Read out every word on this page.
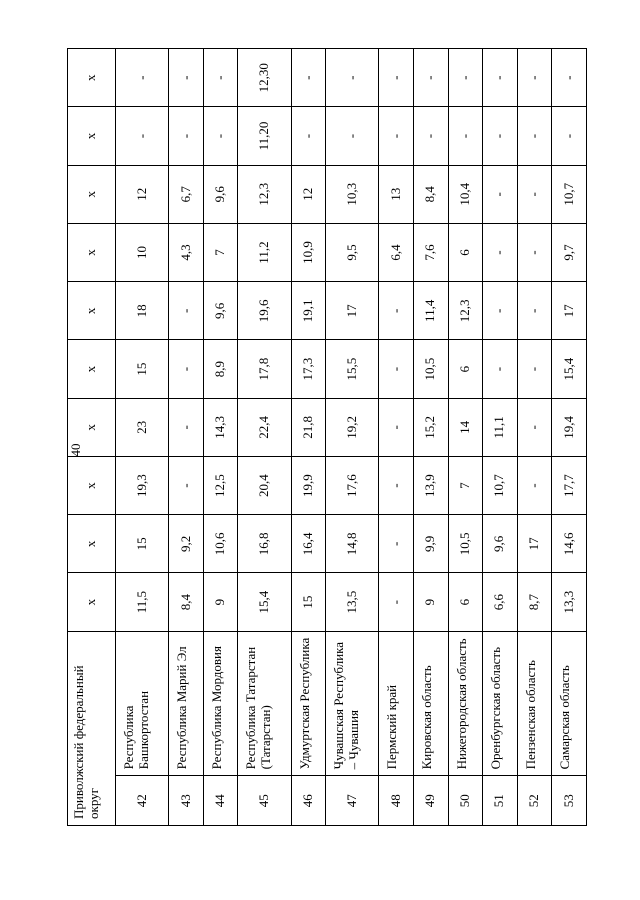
40
Приволжский федеральный округ		x	x	x	x	x	x	x	x	x	x
42	Республика Башкортостан	11,5	15	19,3	23	15	18	10	12	-	-
43	Республика Марий Эл	8,4	9,2	-	-	-	-	4,3	6,7	-	-
44	Республика Мордовия	9	10,6	12,5	14,3	8,9	9,6	7	9,6	-	-
45	Республика Татарстан (Татарстан)	15,4	16,8	20,4	22,4	17,8	19,6	11,2	12,3	11,20	12,30
46	Удмуртская Республика	15	16,4	19,9	21,8	17,3	19,1	10,9	12	-	-
47	Чувашская Республика – Чувашия	13,5	14,8	17,6	19,2	15,5	17	9,5	10,3	-	-
48	Пермский край	-	-	-	-	-	-	6,4	13	-	-
49	Кировская область	9	9,9	13,9	15,2	10,5	11,4	7,6	8,4	-	-
50	Нижегородская область	6	10,5	7	14	6	12,3	6	10,4	-	-
51	Оренбургская область	6,6	9,6	10,7	11,1	-	-	-	-	-	-
52	Пензенская область	8,7	17	-	-	-	-	-	-	-	-
53	Самарская область	13,3	14,6	17,7	19,4	15,4	17	9,7	10,7	-	-
